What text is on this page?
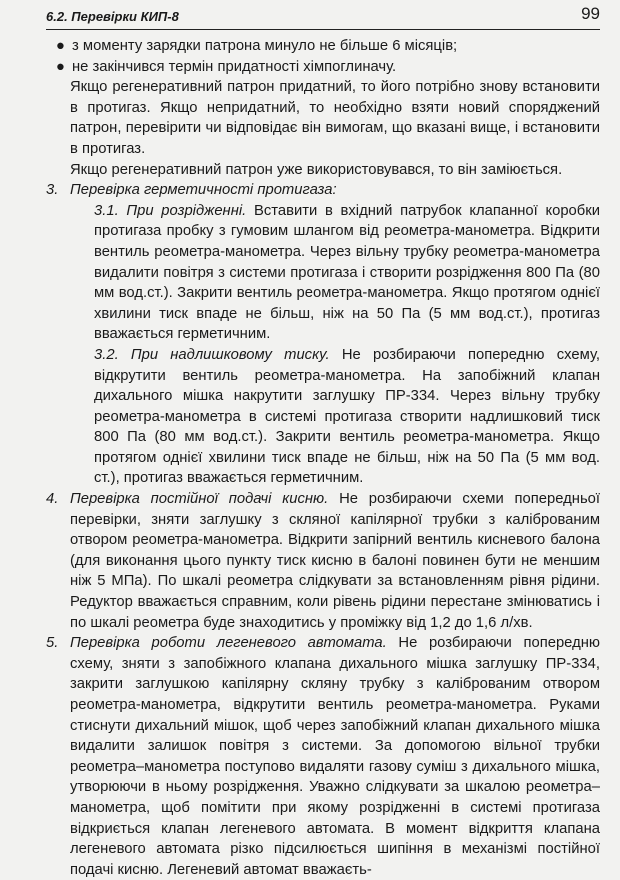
6.2. Перевірки КИП-8	99

● з моменту зарядки патрона минуло не більше 6 місяців;

● не закінчився термін придатності хімпоглиначу.

Якщо регенеративний патрон придатний, то його потрібно знову встановити в протигаз. Якщо непридатний, то необхідно взяти новий споряджений патрон, перевірити чи відповідає він вимогам, що вказані вище, і встановити в протигаз.

Якщо регенеративний патрон уже використовувався, то він заміюється.

3. Перевірка герметичності протигаза:

3.1. При розрідженні. Вставити в вхідний патрубок клапанної коробки протигаза пробку з гумовим шлангом від реометра-манометра. Відкрити вентиль реометра-манометра. Через вільну трубку реометра-манометра видалити повітря з системи протигаза і створити розрідження 800 Па (80 мм вод.ст.). Закрити вентиль реометра-манометра. Якщо протягом однієї хвилини тиск впаде не більш, ніж на 50 Па (5 мм вод.ст.), протигаз вважається герметичним.

3.2. При надлишковому тиску. Не розбираючи попередню схему, відкрутити вентиль реометра-манометра. На запобіжний клапан дихального мішка накрутити заглушку ПР-334. Через вільну трубку реометра-манометра в системі протигаза створити надлишковий тиск 800 Па (80 мм вод.ст.). Закрити вентиль реометра-манометра. Якщо протягом однієї хвилини тиск впаде не більш, ніж на 50 Па (5 мм вод. ст.), протигаз вважається герметичним.

4. Перевірка постійної подачі кисню. Не розбираючи схеми попередньої перевірки, зняти заглушку з скляної капілярної трубки з каліброваним отвором реометра-манометра. Відкрити запірний вентиль кисневого балона (для виконання цього пункту тиск кисню в балоні повинен бути не меншим ніж 5 МПа). По шкалі реометра слідкувати за встановленням рівня рідини. Редуктор вважається справним, коли рівень рідини перестане змінюватись і по шкалі реометра буде знаходитись у проміжку від 1,2 до 1,6 л/хв.

5. Перевірка роботи легеневого автомата. Не розбираючи попередню схему, зняти з запобіжного клапана дихального мішка заглушку ПР-334, закрити заглушкою капілярну скляну трубку з каліброваним отвором реометра-манометра, відкрутити вентиль реометра-манометра. Руками стиснути дихальний мішок, щоб через запобіжний клапан дихального мішка видалити залишок повітря з системи. За допомогою вільної трубки реометра–манометра поступово видаляти газову суміш з дихального мішка, утворюючи в ньому розрідження. Уважно слідкувати за шкалою реометра–манометра, щоб помітити при якому розрідженні в системі протигаза відкриється клапан легеневого автомата. В момент відкриття клапана легеневого автомата різко підсилюється шипіння в механізмі постійної подачі кисню. Легеневий автомат вважаєть-
